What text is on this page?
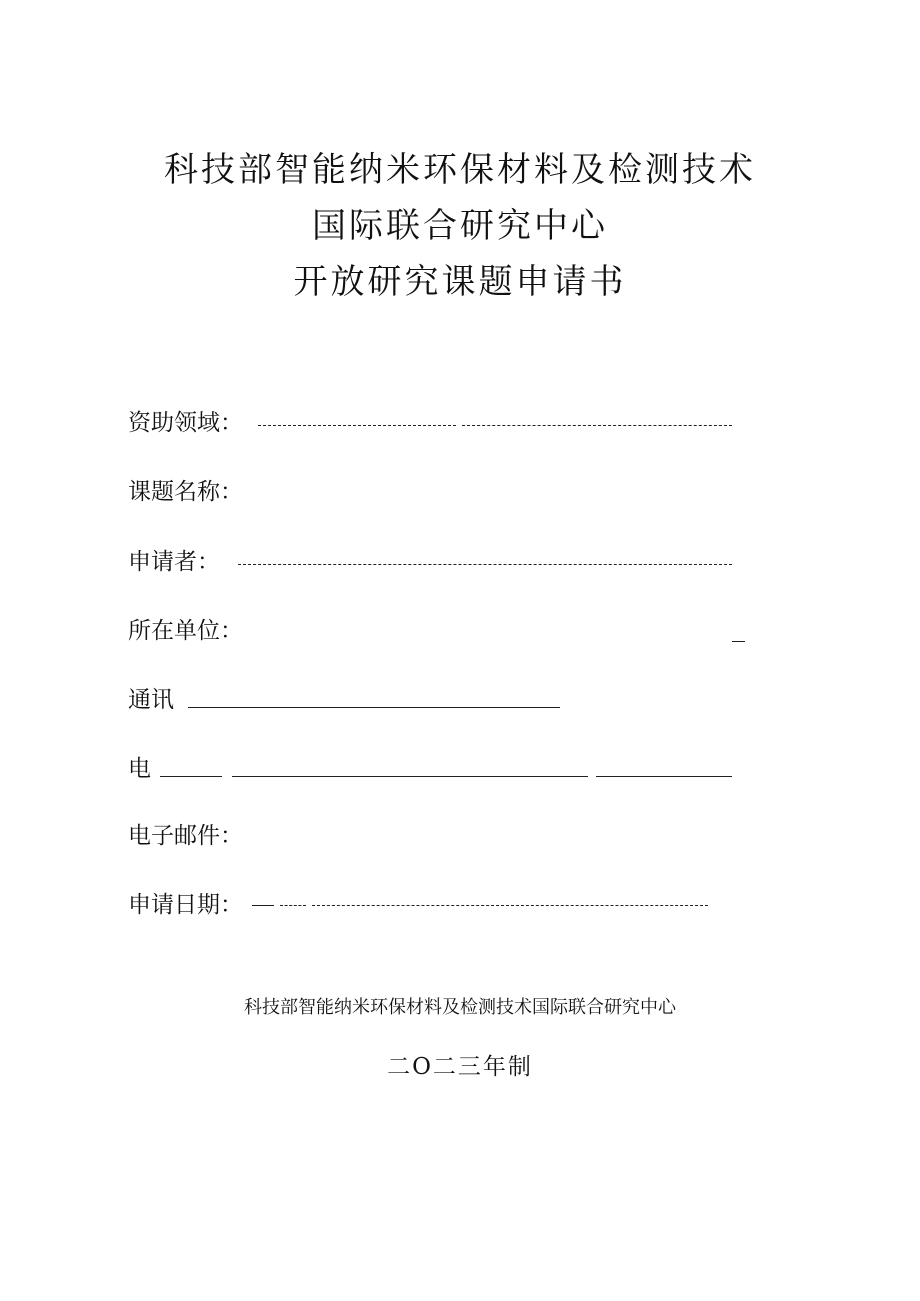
科技部智能纳米环保材料及检测技术
国际联合研究中心
开放研究课题申请书
资助领域：
课题名称：
申请者：
所在单位：
通讯
电
电子邮件：
申请日期：
科技部智能纳米环保材料及检测技术国际联合研究中心
二O二三年制
